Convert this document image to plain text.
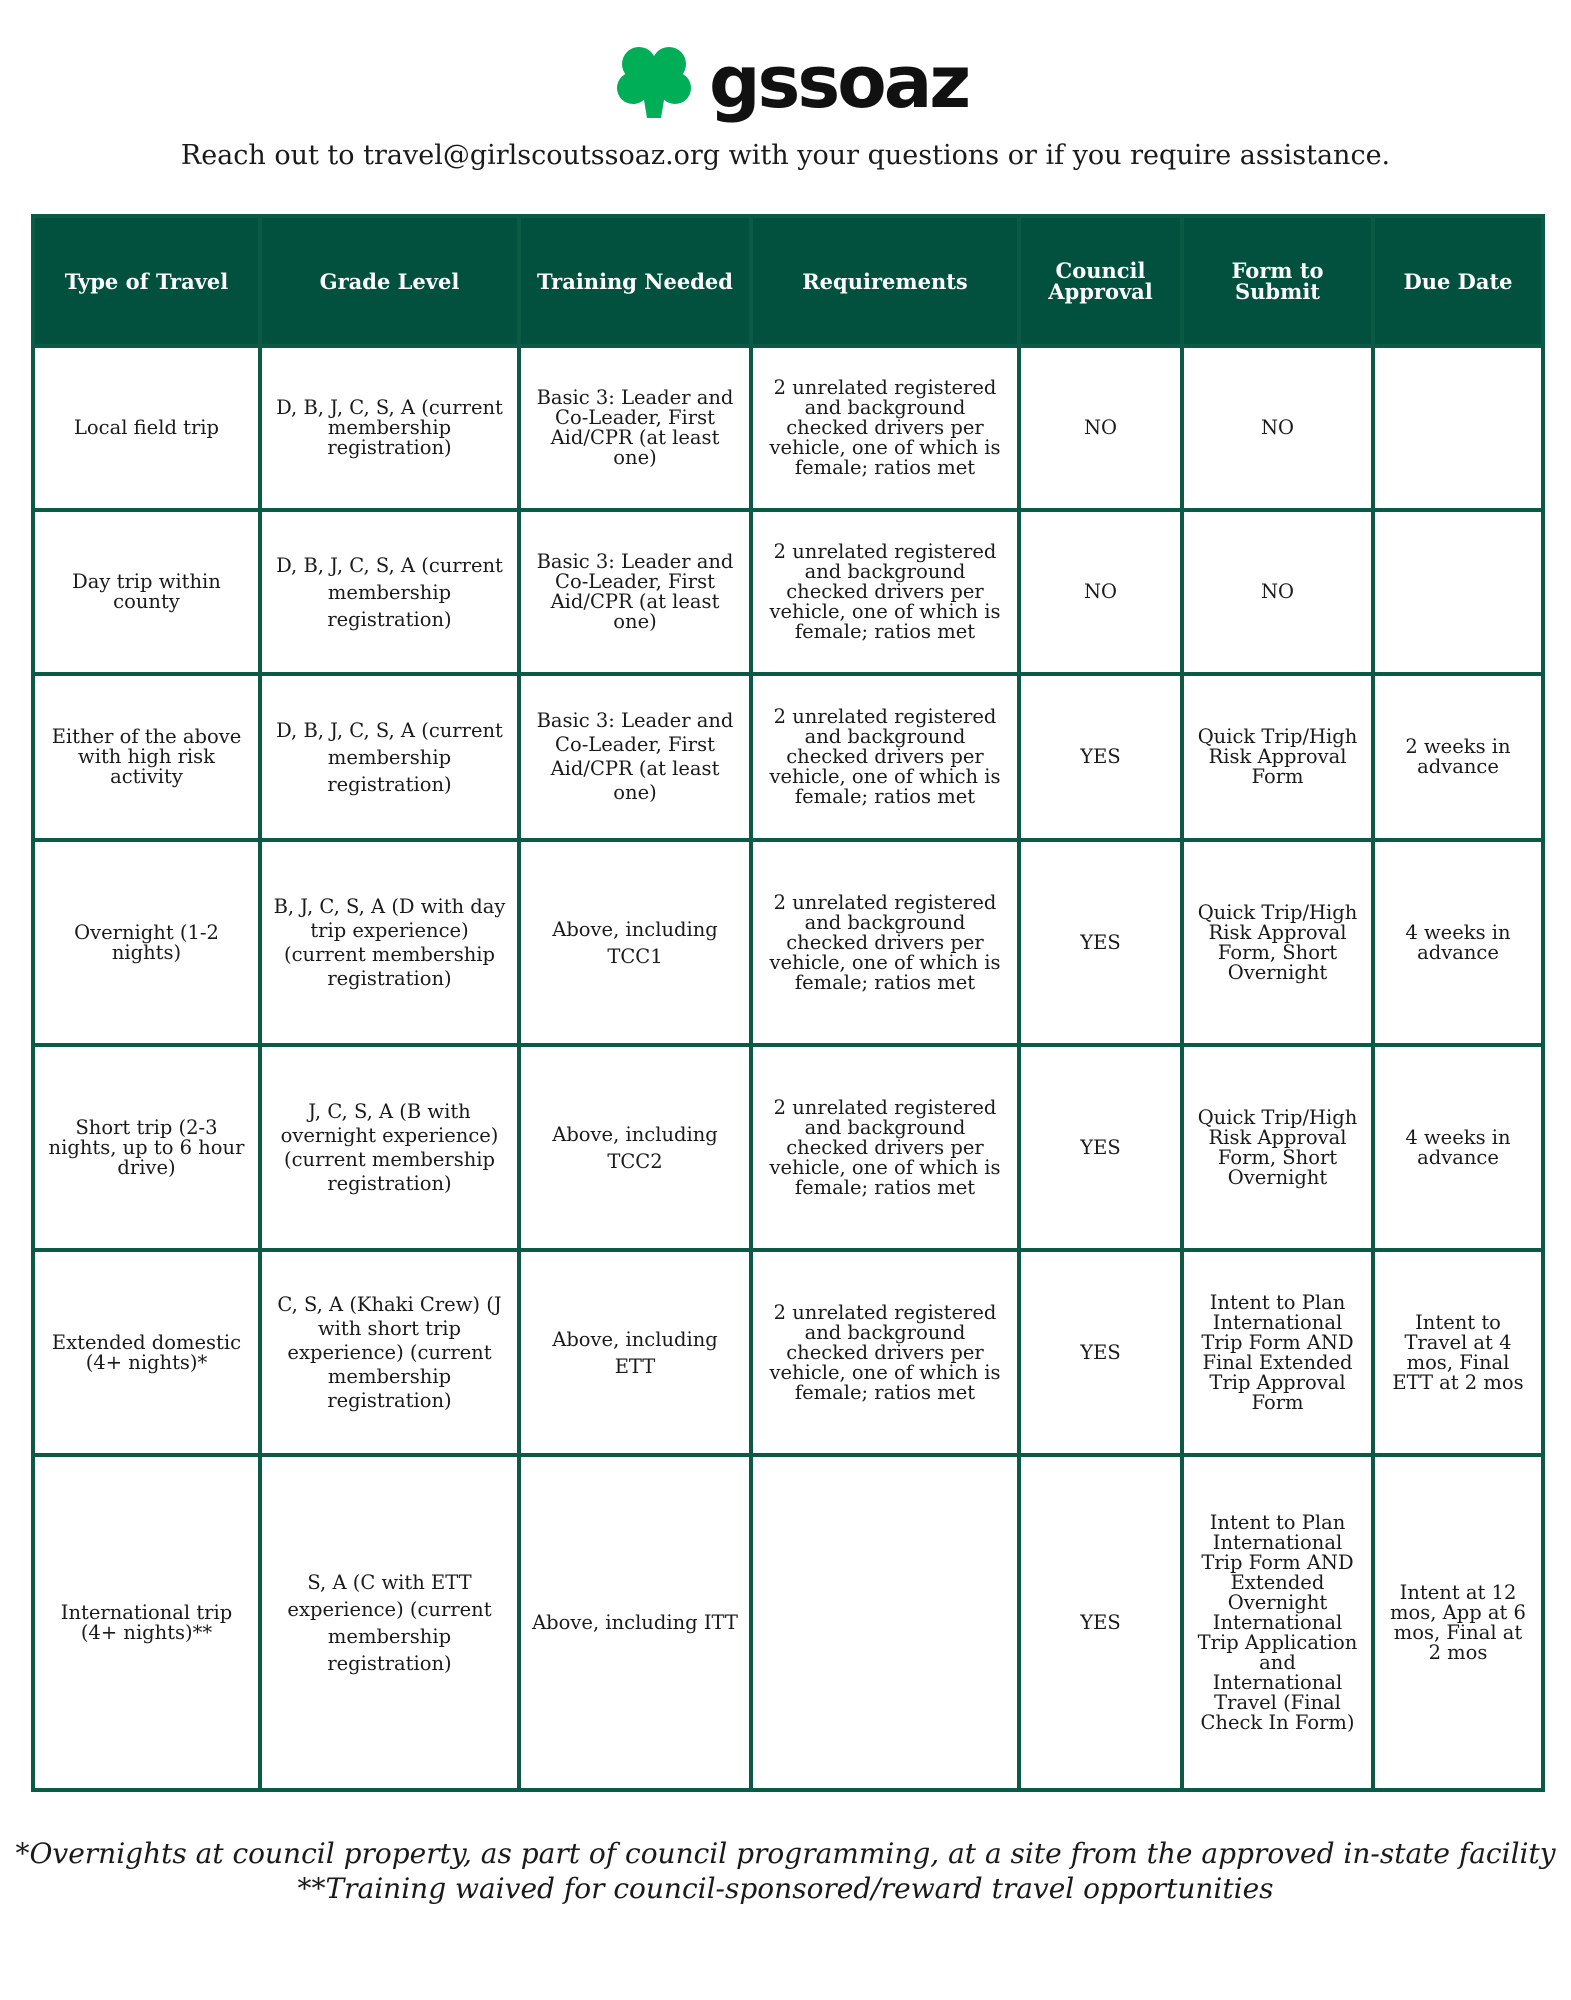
gssoaz
Reach out to travel@girlscoutssoaz.org with your questions or if you require assistance.
Type of Travel	Grade Level	Training Needed	Requirements	Council Approval	Form to Submit	Due Date
Local field trip	D, B, J, C, S, A (current membership registration)	Basic 3: Leader and Co-Leader, First Aid/CPR (at least one)	2 unrelated registered and background checked drivers per vehicle, one of which is female; ratios met	NO	NO	
Day trip within county	D, B, J, C, S, A (current membership registration)	Basic 3: Leader and Co-Leader, First Aid/CPR (at least one)	2 unrelated registered and background checked drivers per vehicle, one of which is female; ratios met	NO	NO	
Either of the above with high risk activity	D, B, J, C, S, A (current membership registration)	Basic 3: Leader and Co-Leader, First Aid/CPR (at least one)	2 unrelated registered and background checked drivers per vehicle, one of which is female; ratios met	YES	Quick Trip/High Risk Approval Form	2 weeks in advance
Overnight (1-2 nights)	B, J, C, S, A (D with day trip experience) (current membership registration)	Above, including TCC1	2 unrelated registered and background checked drivers per vehicle, one of which is female; ratios met	YES	Quick Trip/High Risk Approval Form, Short Overnight	4 weeks in advance
Short trip (2-3 nights, up to 6 hour drive)	J, C, S, A (B with overnight experience) (current membership registration)	Above, including TCC2	2 unrelated registered and background checked drivers per vehicle, one of which is female; ratios met	YES	Quick Trip/High Risk Approval Form, Short Overnight	4 weeks in advance
Extended domestic (4+ nights)*	C, S, A (Khaki Crew) (J with short trip experience) (current membership registration)	Above, including ETT	2 unrelated registered and background checked drivers per vehicle, one of which is female; ratios met	YES	Intent to Plan International Trip Form AND Final Extended Trip Approval Form	Intent to Travel at 4 mos, Final ETT at 2 mos
International trip (4+ nights)**	S, A (C with ETT experience) (current membership registration)	Above, including ITT		YES	Intent to Plan International Trip Form AND Extended Overnight International Trip Application and International Travel (Final Check In Form)	Intent at 12 mos, App at 6 mos, Final at 2 mos
*Overnights at council property, as part of council programming, at a site from the approved in-state facility
**Training waived for council-sponsored/reward travel opportunities
